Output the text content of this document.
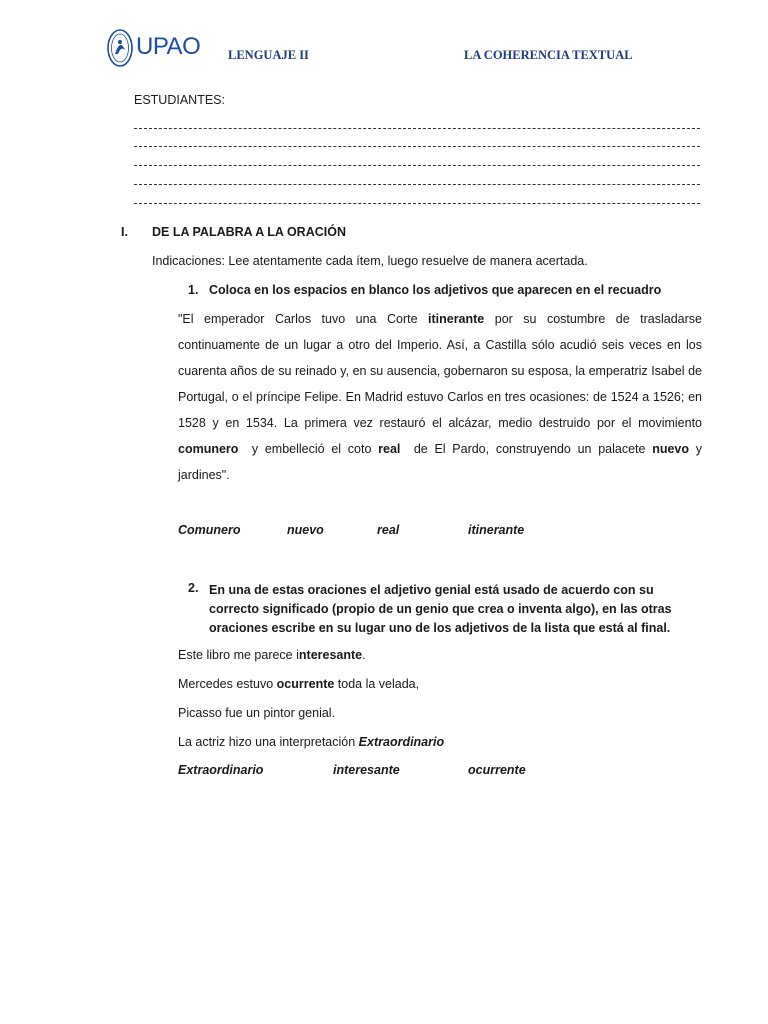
UPAO LENGUAJE II	LA COHERENCIA TEXTUAL
ESTUDIANTES:
I. DE LA PALABRA A LA ORACIÓN
Indicaciones: Lee atentamente cada ítem, luego resuelve de manera acertada.
1. Coloca en los espacios en blanco los adjetivos que aparecen en el recuadro
"El emperador Carlos tuvo una Corte itinerante por su costumbre de trasladarse continuamente de un lugar a otro del Imperio. Así, a Castilla sólo acudió seis veces en los cuarenta años de su reinado y, en su ausencia, gobernaron su esposa, la emperatriz Isabel de Portugal, o el príncipe Felipe. En Madrid estuvo Carlos en tres ocasiones: de 1524 a 1526; en 1528 y en 1534. La primera vez restauró el alcázar, medio destruido por el movimiento comunero  y embelleció el coto real  de El Pardo, construyendo un palacete nuevo y jardines".
Comunero	nuevo	real	itinerante
2. En una de estas oraciones el adjetivo genial está usado de acuerdo con su correcto significado (propio de un genio que crea o inventa algo), en las otras oraciones escribe en su lugar uno de los adjetivos de la lista que está al final.
Este libro me parece interesante.
Mercedes estuvo ocurrente toda la velada,
Picasso fue un pintor genial.
La actriz hizo una interpretación Extraordinario
Extraordinario	interesante	ocurrente
